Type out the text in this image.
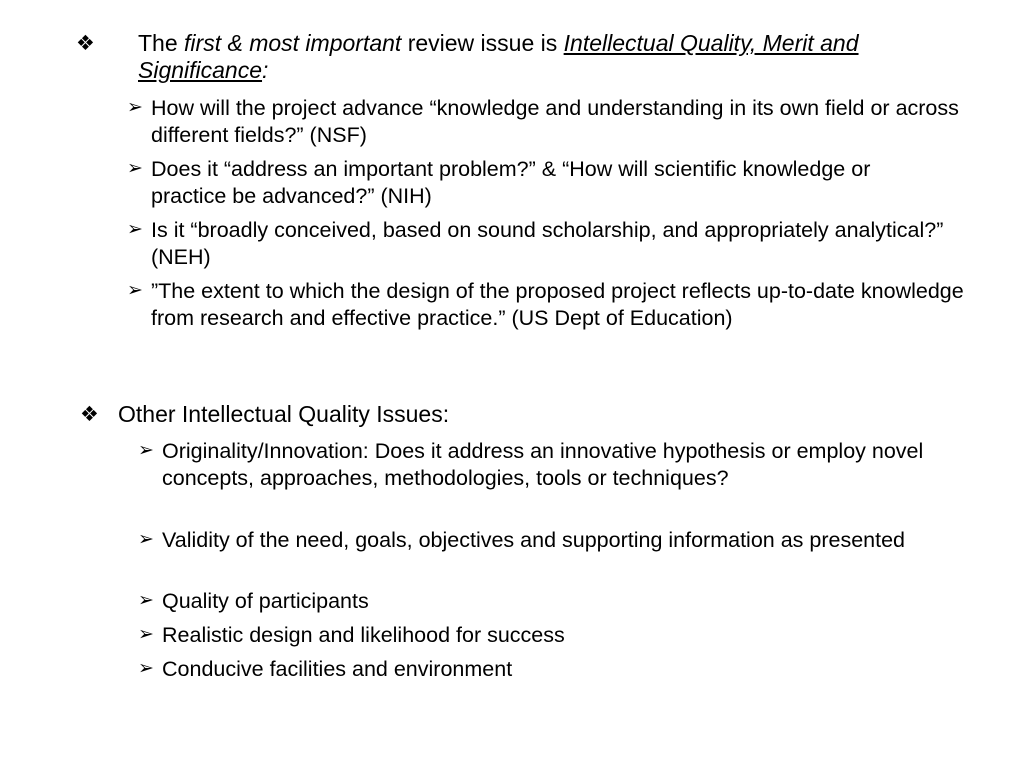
❖ The first & most important review issue is Intellectual Quality, Merit and Significance:
➢ How will the project advance “knowledge and understanding in its own field or across different fields?” (NSF)
➢ Does it “address an important problem?” & “How will scientific knowledge or practice be advanced?” (NIH)
➢ Is it “broadly conceived, based on sound scholarship, and appropriately analytical?” (NEH)
➢ ”The extent to which the design of the proposed project reflects up-to-date knowledge from research and effective practice.” (US Dept of Education)
❖ Other Intellectual Quality Issues:
➢ Originality/Innovation: Does it address an innovative hypothesis or employ novel concepts, approaches, methodologies, tools or techniques?
➢ Validity of the need, goals, objectives and supporting information as presented
➢ Quality of participants
➢ Realistic design and likelihood for success
➢ Conducive facilities and environment
